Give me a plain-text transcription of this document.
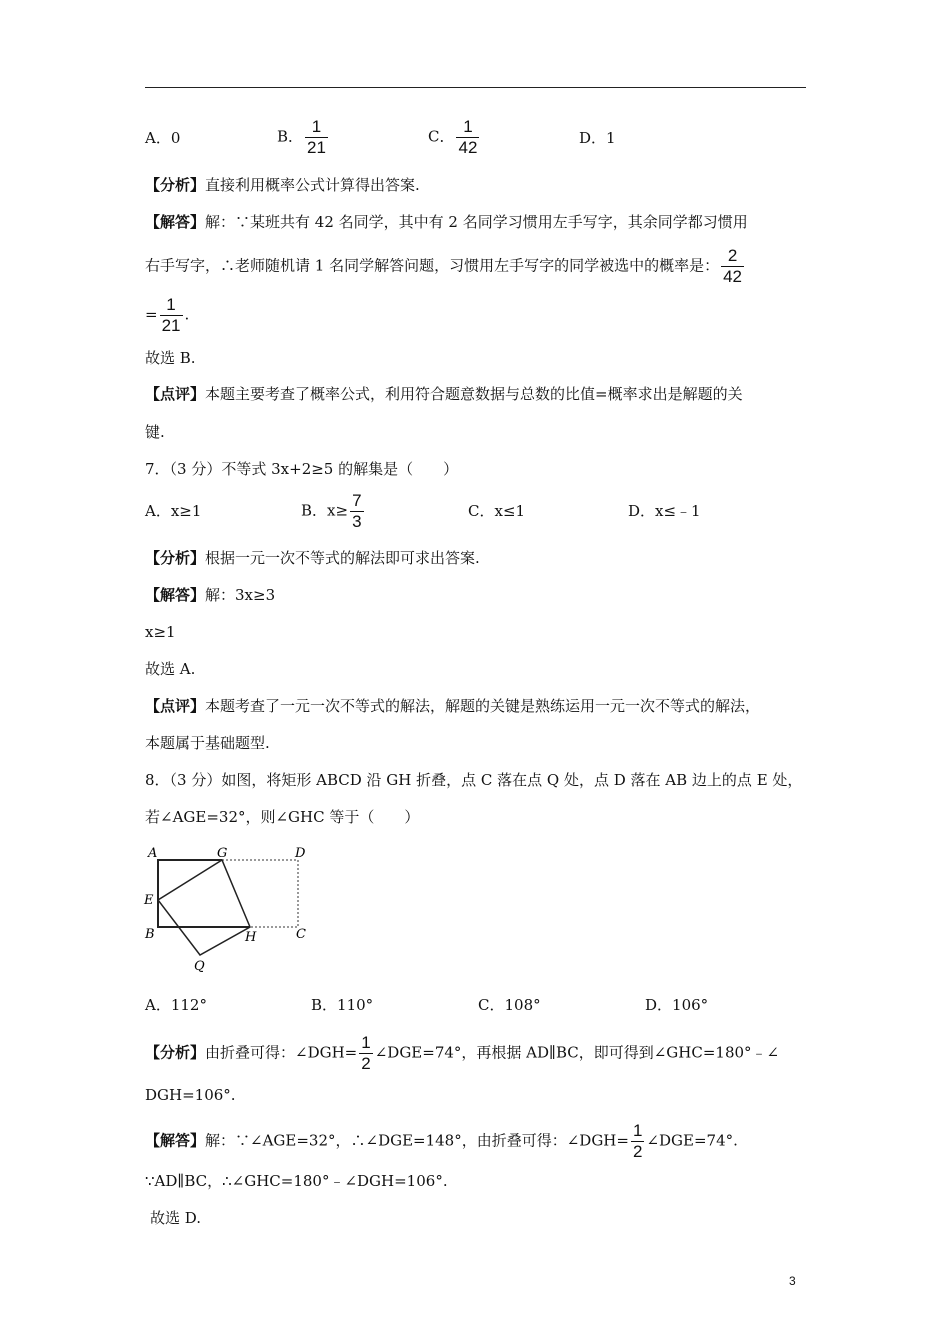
A．0	B． $\frac{1}{21}$	C． $\frac{1}{42}$	D．1
【分析】直接利用概率公式计算得出答案.
【解答】解：∵某班共有 42 名同学，其中有 2 名同学习惯用左手写字，其余同学都习惯用
右手写字，∴老师随机请 1 名同学解答问题，习惯用左手写字的同学被选中的概率是： $\frac{2}{42}$
= $\frac{1}{21}$ .
故选 B.
【点评】本题主要考查了概率公式，利用符合题意数据与总数的比值=概率求出是解题的关
键.
7．（3 分）不等式 3x+2≥5 的解集是（　　）
A．x≥1	B．$x\ge \frac{7}{3}$	C．x≤1	D．x≤﹣1
【分析】根据一元一次不等式的解法即可求出答案.
【解答】解：3x≥3
x≥1
故选 A.
【点评】本题考查了一元一次不等式的解法，解题的关键是熟练运用一元一次不等式的解法，
本题属于基础题型.
8．（3 分）如图，将矩形 ABCD 沿 GH 折叠，点 C 落在点 Q 处，点 D 落在 AB 边上的点 E 处，
若∠AGE=32°，则∠GHC 等于（　　）
A	G	D
E
B	H	C
Q
A．112°	B．110°	C．108°	D．106°
【分析】由折叠可得：∠DGH= $\frac{1}{2}$ ∠DGE=74°，再根据 AD∥BC，即可得到∠GHC=180°﹣∠
DGH=106°.
【解答】解：∵∠AGE=32°，∴∠DGE=148°，由折叠可得：∠DGH= $\frac{1}{2}$ ∠DGE=74°.
∵AD∥BC，∴∠GHC=180°﹣∠DGH=106°.
故选 D.
3
